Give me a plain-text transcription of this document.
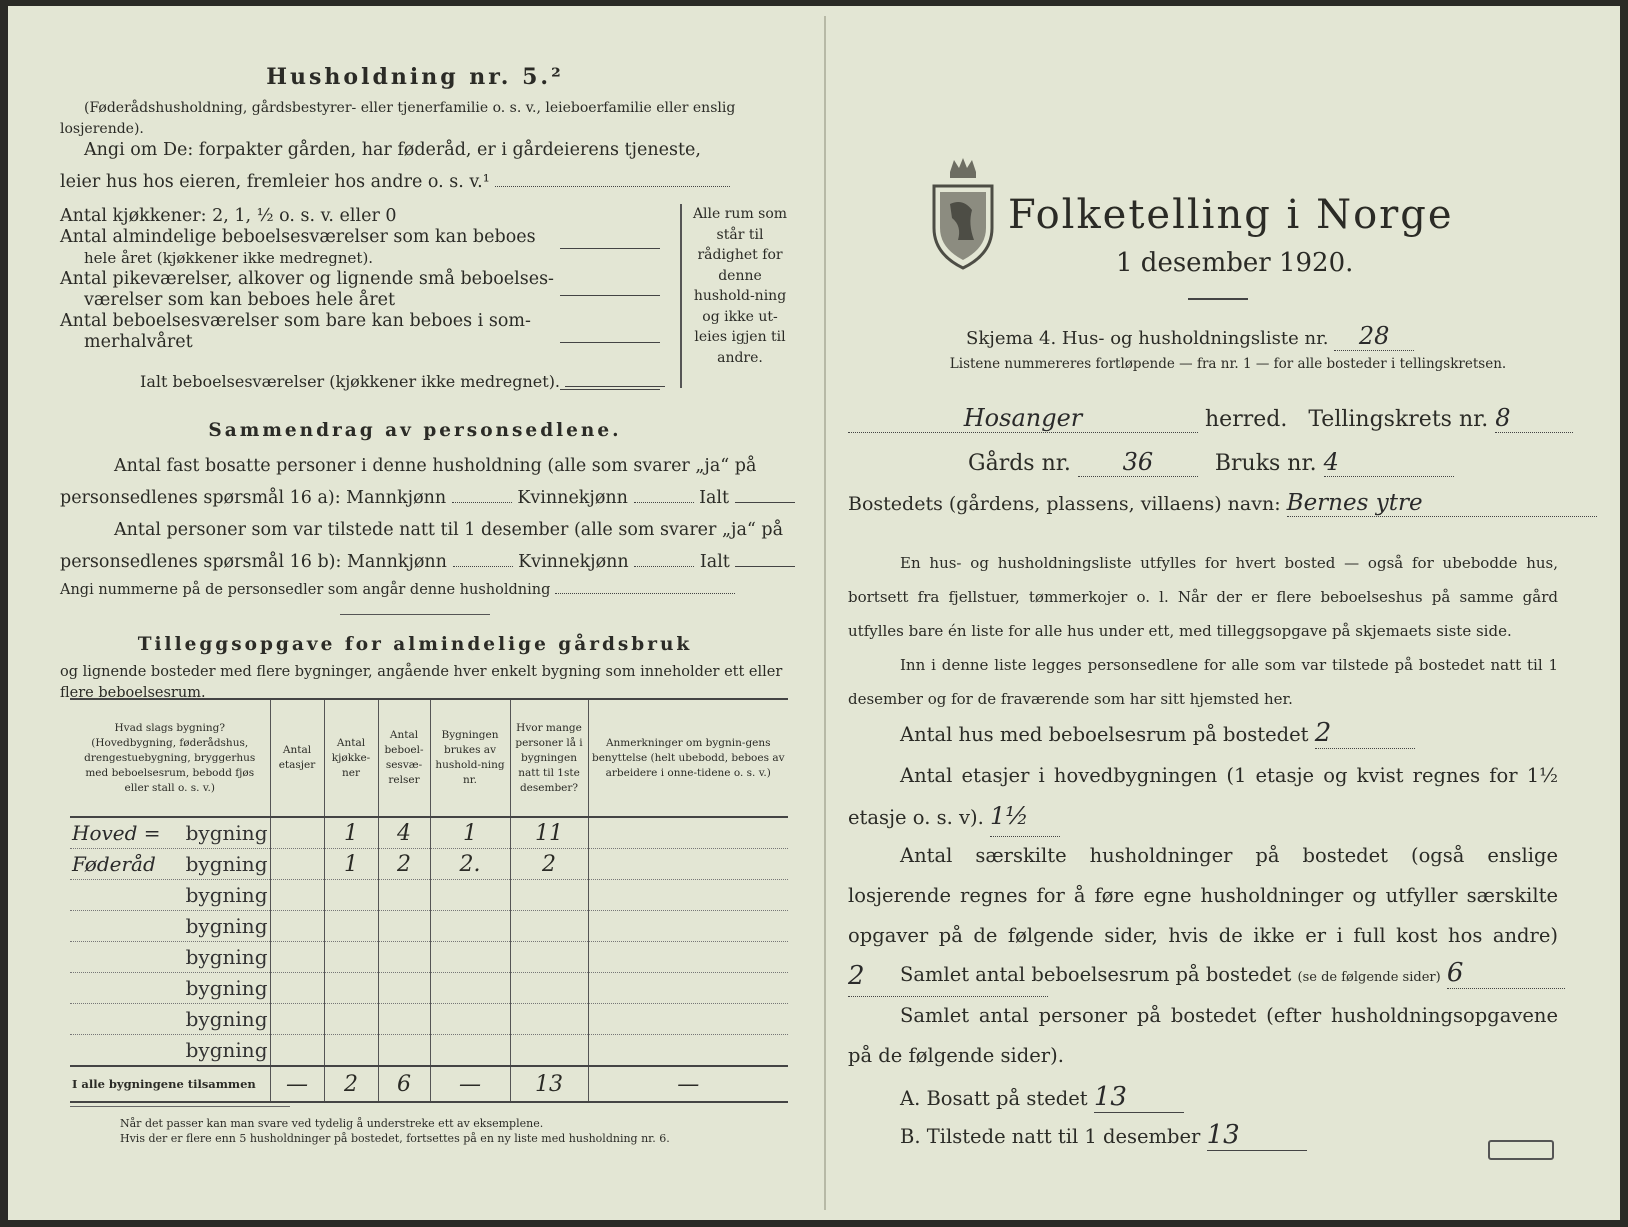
Husholdning nr. 5.²
(Føderådshusholdning, gårdsbestyrer- eller tjenerfamilie o. s. v., leieboerfamilie eller enslig losjerende).
Angi om De: forpakter gården, har føderåd, er i gårdeierens tjeneste,
leier hus hos eieren, fremleier hos andre o. s. v.¹
Antal kjøkkener: 2, 1, ½ o. s. v. eller 0
Antal almindelige beboelsesværelser som kan beboes
hele året (kjøkkener ikke medregnet).
Antal pikeværelser, alkover og lignende små beboelses-
værelser som kan beboes hele året
Antal beboelsesværelser som bare kan beboes i som-
merhalvåret

Ialt beboelsesværelser (kjøkkener ikke medregnet).
Alle rum som står til rådighet for denne hushold-ning og ikke ut-leies igjen til andre.
Sammendrag av personsedlene.
Antal fast bosatte personer i denne husholdning (alle som svarer „ja“ på
personsedlenes spørsmål 16 a): Mannkjønn	Kvinnekjønn	Ialt
Antal personer som var tilstede natt til 1 desember (alle som svarer „ja“ på
personsedlenes spørsmål 16 b): Mannkjønn	Kvinnekjønn	Ialt
Angi nummerne på de personsedler som angår denne husholdning
Tilleggsopgave for almindelige gårdsbruk
og lignende bosteder med flere bygninger, angående hver enkelt bygning som inneholder ett eller flere beboelsesrum.
Hvad slags bygning? (Hovedbygning, føderådshus, drengestuebygning, bryggerhus med beboelsesrum, bebodd fjøs eller stall o. s. v.)	Antal etasjer	Antal kjøkke-ner	Antal beboel-sesvæ-relser	Bygningen brukes av hushold-ning nr.	Hvor mange personer lå i bygningen natt til 1ste desember?	Anmerkninger om bygnin-gens benyttelse (helt ubebodd, beboes av arbeidere i onne-tidene o. s. v.)

Hoved = bygning		1	4	1	11	

Føderåd bygning		1	2	2.	2	

bygning						

bygning						

bygning						

bygning						

bygning						

bygning						
I alle bygningene tilsammen	—	2	6	—	13	—
Når det passer kan man svare ved tydelig å understreke ett av eksemplene.
Hvis der er flere enn 5 husholdninger på bostedet, fortsettes på en ny liste med husholdning nr. 6.
Folketelling i Norge
1 desember 1920.
Skjema 4. Hus- og husholdningsliste nr. 28
Listene nummereres fortløpende — fra nr. 1 — for alle bosteder i tellingskretsen.
Hosanger	herred. Tellingskrets nr. 8
Gårds nr. 36	Bruks nr. 4
Bostedets (gårdens, plassens, villaens) navn: Bernes ytre
En hus- og husholdningsliste utfylles for hvert bosted — også for ubebodde hus, bortsett fra fjellstuer, tømmerkojer o. l. Når der er flere beboelseshus på samme gård utfylles bare én liste for alle hus under ett, med tilleggsopgave på skjemaets siste side.
Inn i denne liste legges personsedlene for alle som var tilstede på bostedet natt til 1 desember og for de fraværende som har sitt hjemsted her.
Antal hus med beboelsesrum på bostedet 2
Antal etasjer i hovedbygningen (1 etasje og kvist regnes for 1½ etasje o. s. v). 1½
Antal særskilte husholdninger på bostedet (også enslige losjerende regnes for å føre egne husholdninger og utfyller særskilte opgaver på de følgende sider, hvis de ikke er i full kost hos andre) 2	Samlet antal beboelsesrum på bostedet (se de følgende sider) 6
Samlet antal personer på bostedet (efter husholdningsopgavene på de følgende sider).
A. Bosatt på stedet 13
B. Tilstede natt til 1 desember 13
